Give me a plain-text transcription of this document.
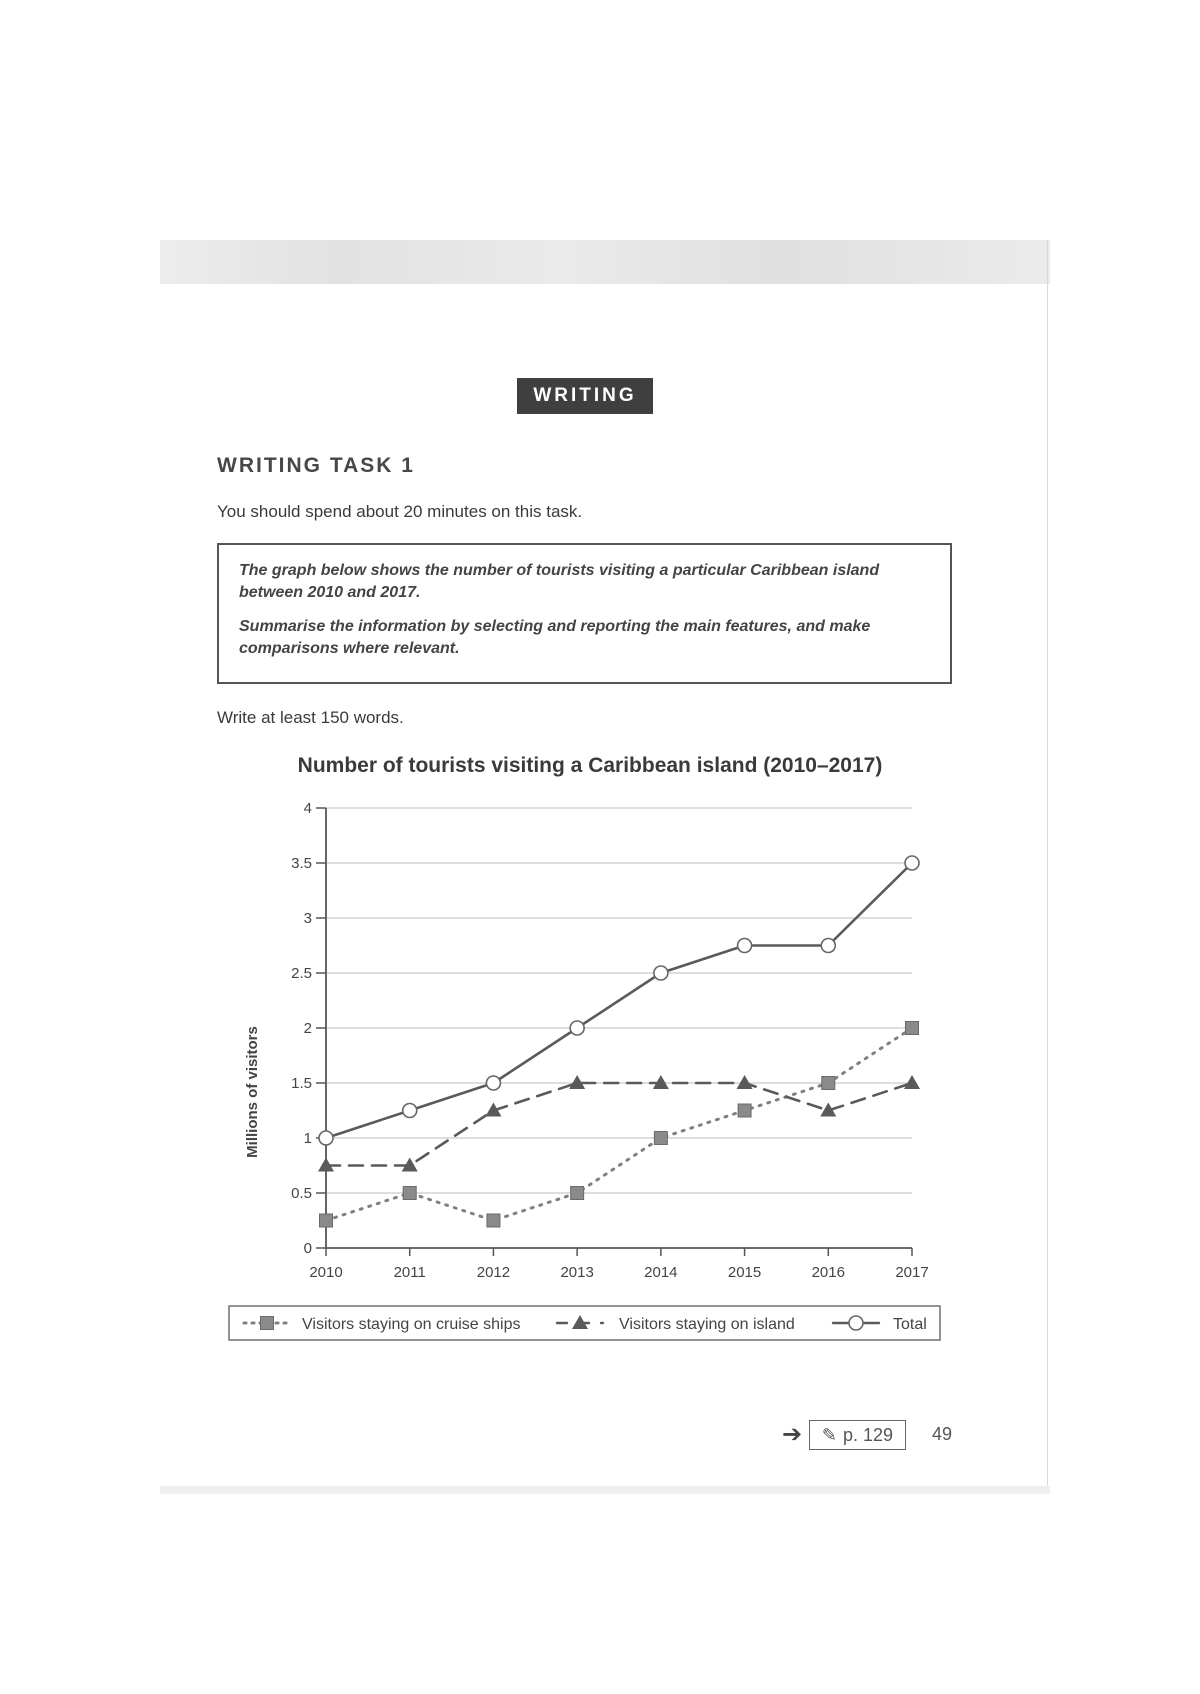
WRITING
WRITING TASK 1
You should spend about 20 minutes on this task.

The graph below shows the number of tourists visiting a particular Caribbean island between 2010 and 2017.

Summarise the information by selecting and reporting the main features, and make comparisons where relevant.

Write at least 150 words.
Number of tourists visiting a Caribbean island (2010–2017)
Millions of visitors
0
0.5
1
1.5
2
2.5
3
3.5
4
2010	2011	2012	2013	2014	2015	2016	2017
Visitors staying on cruise ships	Visitors staying on island	Total
➔ ✎ p. 129 49
